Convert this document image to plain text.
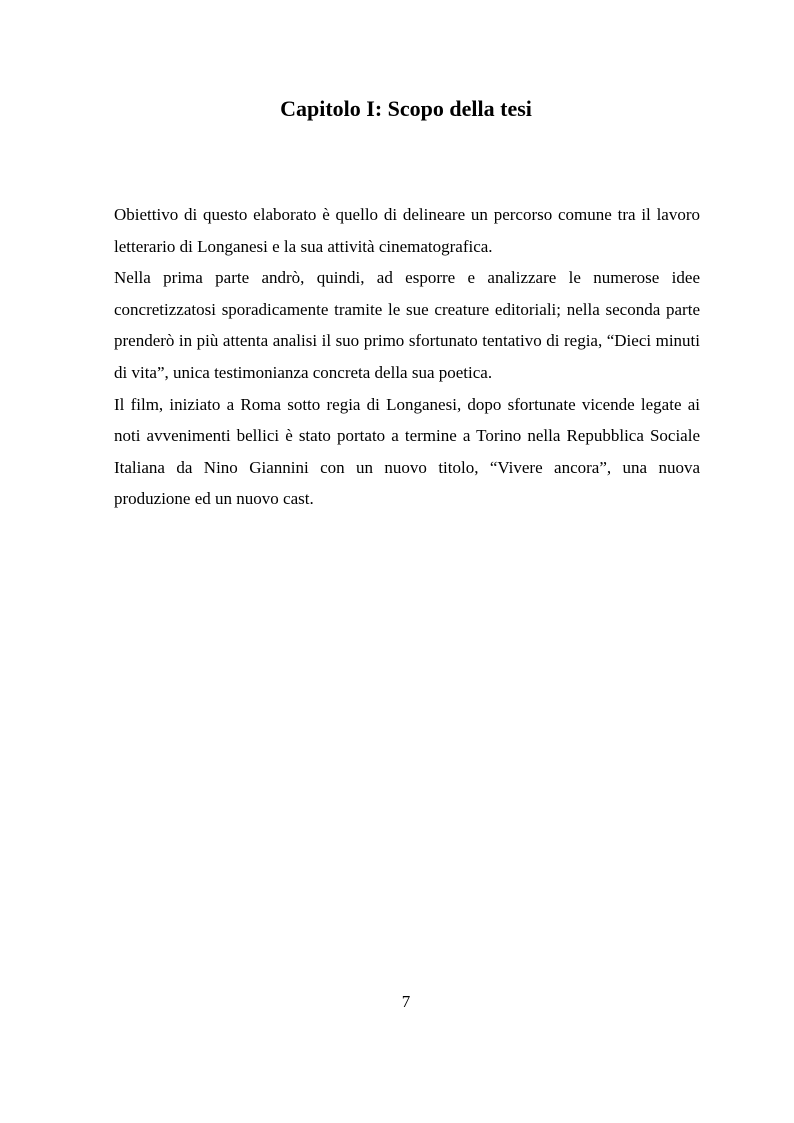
Capitolo I: Scopo della tesi

Obiettivo di questo elaborato è quello di delineare un percorso comune tra il lavoro letterario di Longanesi e la sua attività cinematografica.

Nella prima parte andrò, quindi, ad esporre e analizzare le numerose idee concretizzatosi sporadicamente tramite le sue creature editoriali; nella seconda parte prenderò in più attenta analisi il suo primo sfortunato tentativo di regia, “Dieci minuti di vita”, unica testimonianza concreta della sua poetica.

Il film, iniziato a Roma sotto regia di Longanesi, dopo sfortunate vicende legate ai noti avvenimenti bellici è stato portato a termine a Torino nella Repubblica Sociale Italiana da Nino Giannini con un nuovo titolo, “Vivere ancora”, una nuova produzione ed un nuovo cast.

7
